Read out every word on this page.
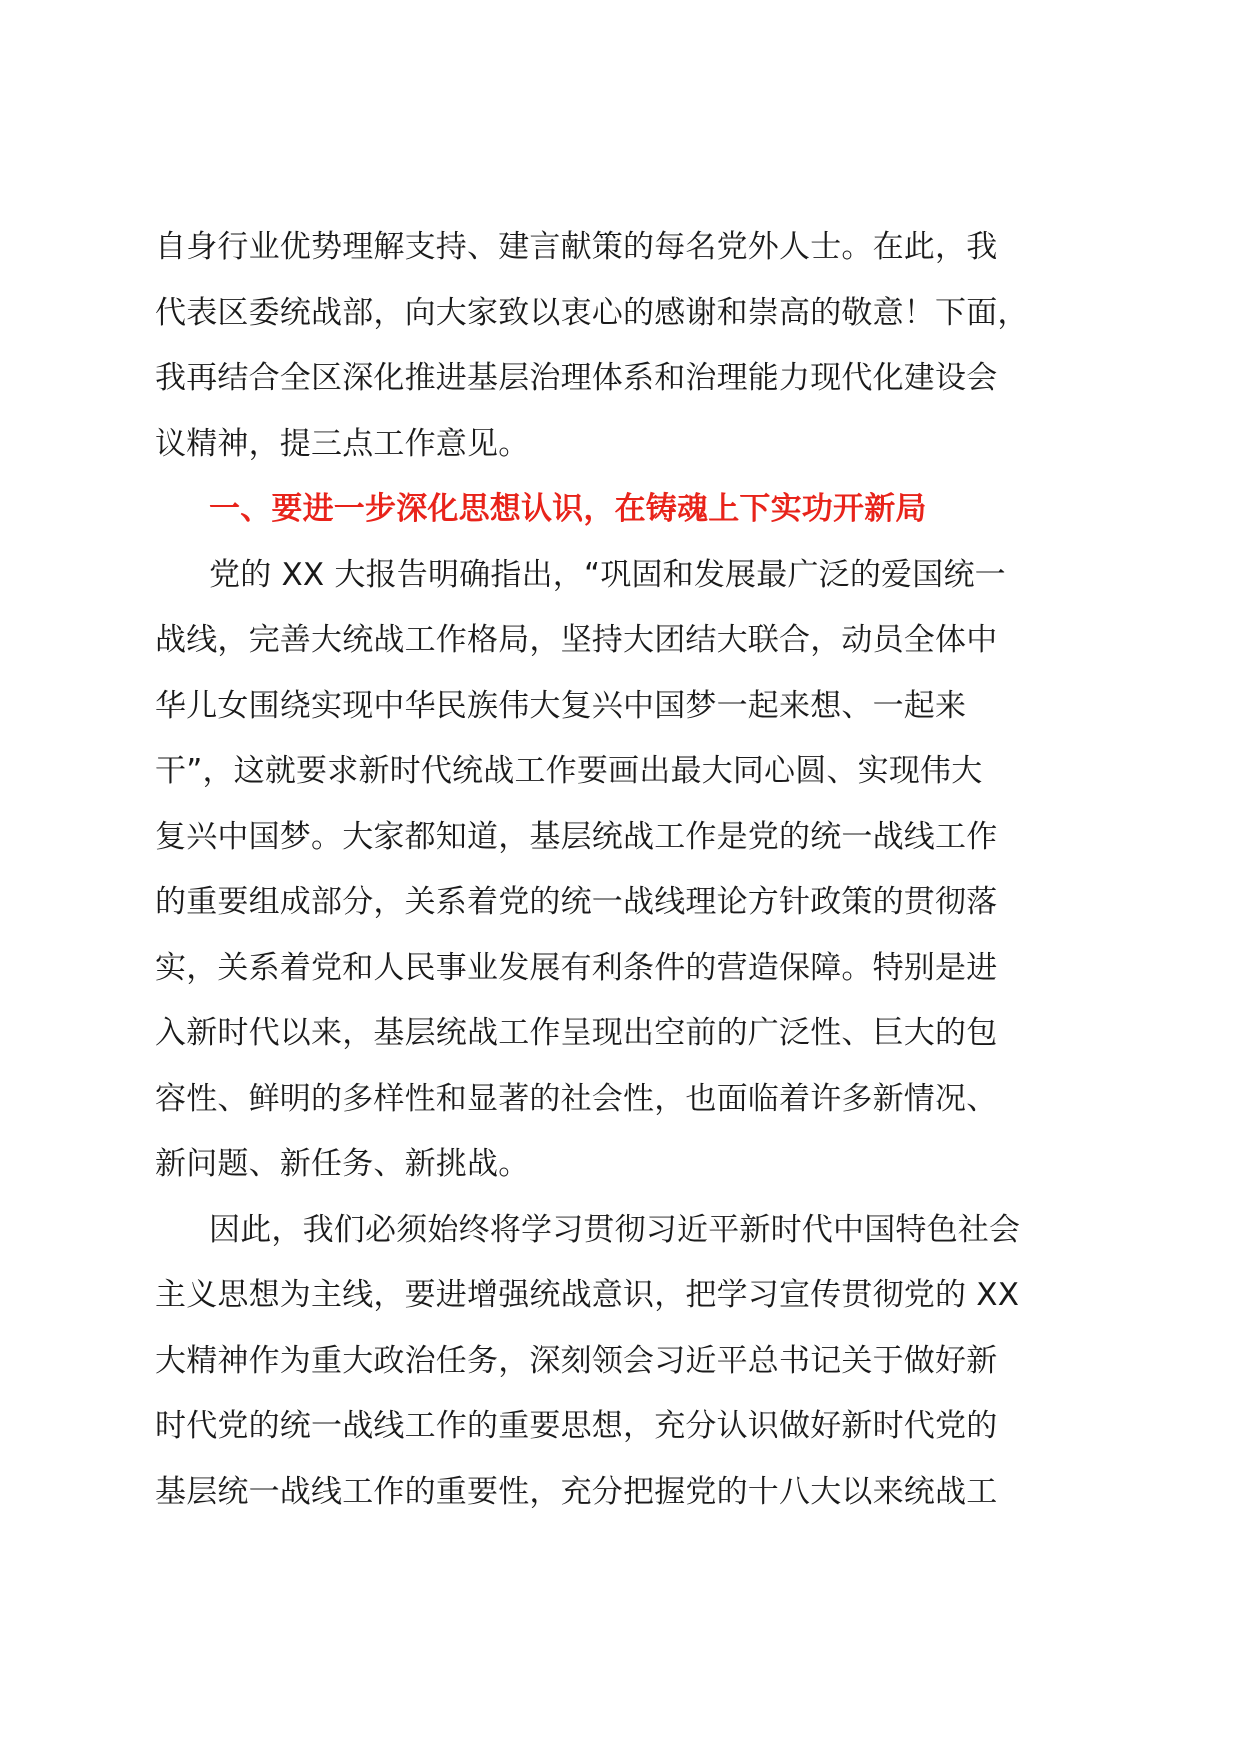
自身行业优势理解支持、建言献策的每名党外人士。在此，我
代表区委统战部，向大家致以衷心的感谢和崇高的敬意！下面，
我再结合全区深化推进基层治理体系和治理能力现代化建设会
议精神，提三点工作意见。
一、要进一步深化思想认识，在铸魂上下实功开新局
党的 XX 大报告明确指出，“巩固和发展最广泛的爱国统一
战线，完善大统战工作格局，坚持大团结大联合，动员全体中
华儿女围绕实现中华民族伟大复兴中国梦一起来想、一起来
干”，这就要求新时代统战工作要画出最大同心圆、实现伟大
复兴中国梦。大家都知道，基层统战工作是党的统一战线工作
的重要组成部分，关系着党的统一战线理论方针政策的贯彻落
实，关系着党和人民事业发展有利条件的营造保障。特别是进
入新时代以来，基层统战工作呈现出空前的广泛性、巨大的包
容性、鲜明的多样性和显著的社会性，也面临着许多新情况、
新问题、新任务、新挑战。
因此，我们必须始终将学习贯彻习近平新时代中国特色社会
主义思想为主线，要进增强统战意识，把学习宣传贯彻党的 XX
大精神作为重大政治任务，深刻领会习近平总书记关于做好新
时代党的统一战线工作的重要思想，充分认识做好新时代党的
基层统一战线工作的重要性，充分把握党的十八大以来统战工
